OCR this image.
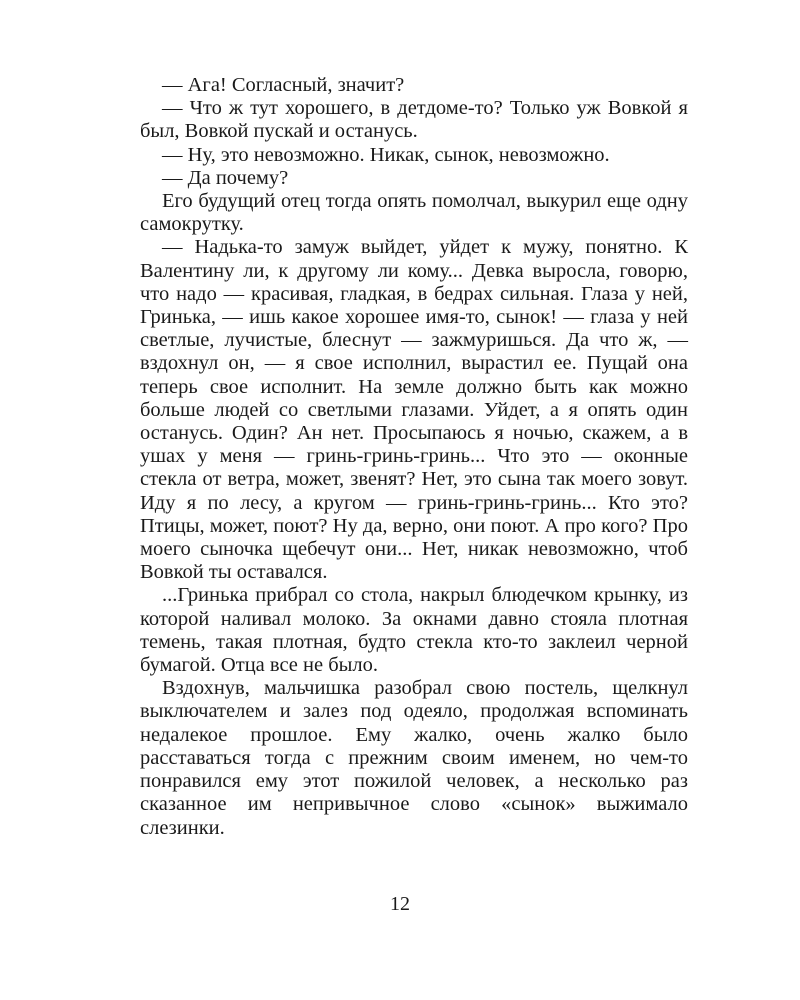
— Ага! Согласный, значит?

— Что ж тут хорошего, в детдоме-то? Только уж Вовкой я был, Вовкой пускай и останусь.

— Ну, это невозможно. Никак, сынок, невозможно.

— Да почему?

Его будущий отец тогда опять помолчал, выкурил еще одну самокрутку.

— Надька-то замуж выйдет, уйдет к мужу, понятно. К Валентину ли, к другому ли кому... Девка выросла, говорю, что надо — красивая, гладкая, в бедрах сильная. Глаза у ней, Гринька, — ишь какое хорошее имя-то, сынок! — глаза у ней светлые, лучистые, блеснут — зажмуришься. Да что ж, — вздохнул он, — я свое исполнил, вырастил ее. Пущай она теперь свое исполнит. На земле должно быть как можно больше людей со светлыми глазами. Уйдет, а я опять один останусь. Один? Ан нет. Просыпаюсь я ночью, скажем, а в ушах у меня — гринь-гринь-гринь... Что это — оконные стекла от ветра, может, звенят? Нет, это сына так моего зовут. Иду я по лесу, а кругом — гринь-гринь-гринь... Кто это? Птицы, может, поют? Ну да, верно, они поют. А про кого? Про моего сыночка щебечут они... Нет, никак невозможно, чтоб Вовкой ты оставался.

...Гринька прибрал со стола, накрыл блюдечком крынку, из которой наливал молоко. За окнами давно стояла плотная темень, такая плотная, будто стекла кто-то заклеил черной бумагой. Отца все не было.

Вздохнув, мальчишка разобрал свою постель, щелкнул выключателем и залез под одеяло, продолжая вспоминать недалекое прошлое. Ему жалко, очень жалко было расставаться тогда с прежним своим именем, но чем-то понравился ему этот пожилой человек, а несколько раз сказанное им непривычное слово «сынок» выжимало слезинки.

12
